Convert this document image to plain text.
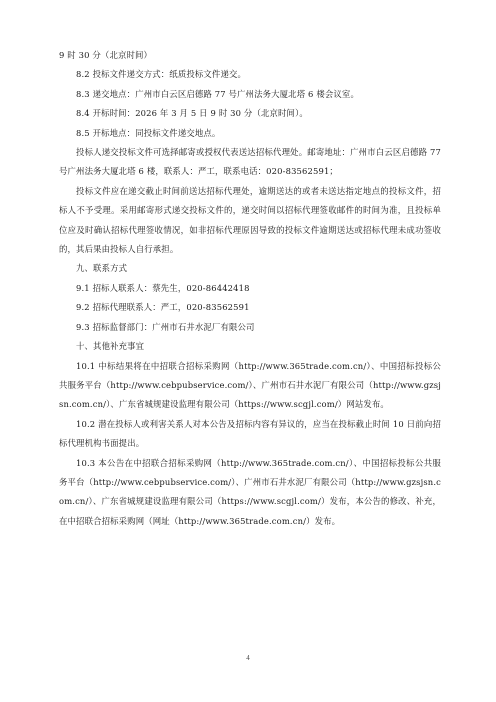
9 时 30 分（北京时间）

8.2 投标文件递交方式：纸质投标文件递交。

8.3 递交地点：广州市白云区启德路 77 号广州法务大厦北塔 6 楼会议室。

8.4 开标时间：2026 年 3 月 5 日 9 时 30 分（北京时间）。

8.5 开标地点：同投标文件递交地点。

投标人递交投标文件可选择邮寄或授权代表送达招标代理处。邮寄地址：广州市白云区启德路 77 号广州法务大厦北塔 6 楼，联系人：严工，联系电话：020-83562591；

投标文件应在递交截止时间前送达招标代理处，逾期送达的或者未送达指定地点的投标文件，招标人不予受理。采用邮寄形式递交投标文件的，递交时间以招标代理签收邮件的时间为准，且投标单位应及时确认招标代理签收情况，如非招标代理原因导致的投标文件逾期送达或招标代理未成功签收的，其后果由投标人自行承担。

九、联系方式

9.1 招标人联系人：蔡先生，020-86442418

9.2 招标代理联系人：严工，020-83562591

9.3 招标监督部门：广州市石井水泥厂有限公司

十、其他补充事宜

10.1 中标结果将在中招联合招标采购网（http://www.365trade.com.cn/）、中国招标投标公共服务平台（http://www.cebpubservice.com/）、广州市石井水泥厂有限公司（http://www.gzsjsn.com.cn/）、广东省城规建设监理有限公司（https://www.scgjl.com/）网站发布。

10.2 潜在投标人或利害关系人对本公告及招标内容有异议的，应当在投标截止时间 10 日前向招标代理机构书面提出。

10.3 本公告在中招联合招标采购网（http://www.365trade.com.cn/）、中国招标投标公共服务平台（http://www.cebpubservice.com/）、广州市石井水泥厂有限公司（http://www.gzsjsn.com.cn/）、广东省城规建设监理有限公司（https://www.scgjl.com/）发布，本公告的修改、补充，在中招联合招标采购网（网址（http://www.365trade.com.cn/）发布。

4
